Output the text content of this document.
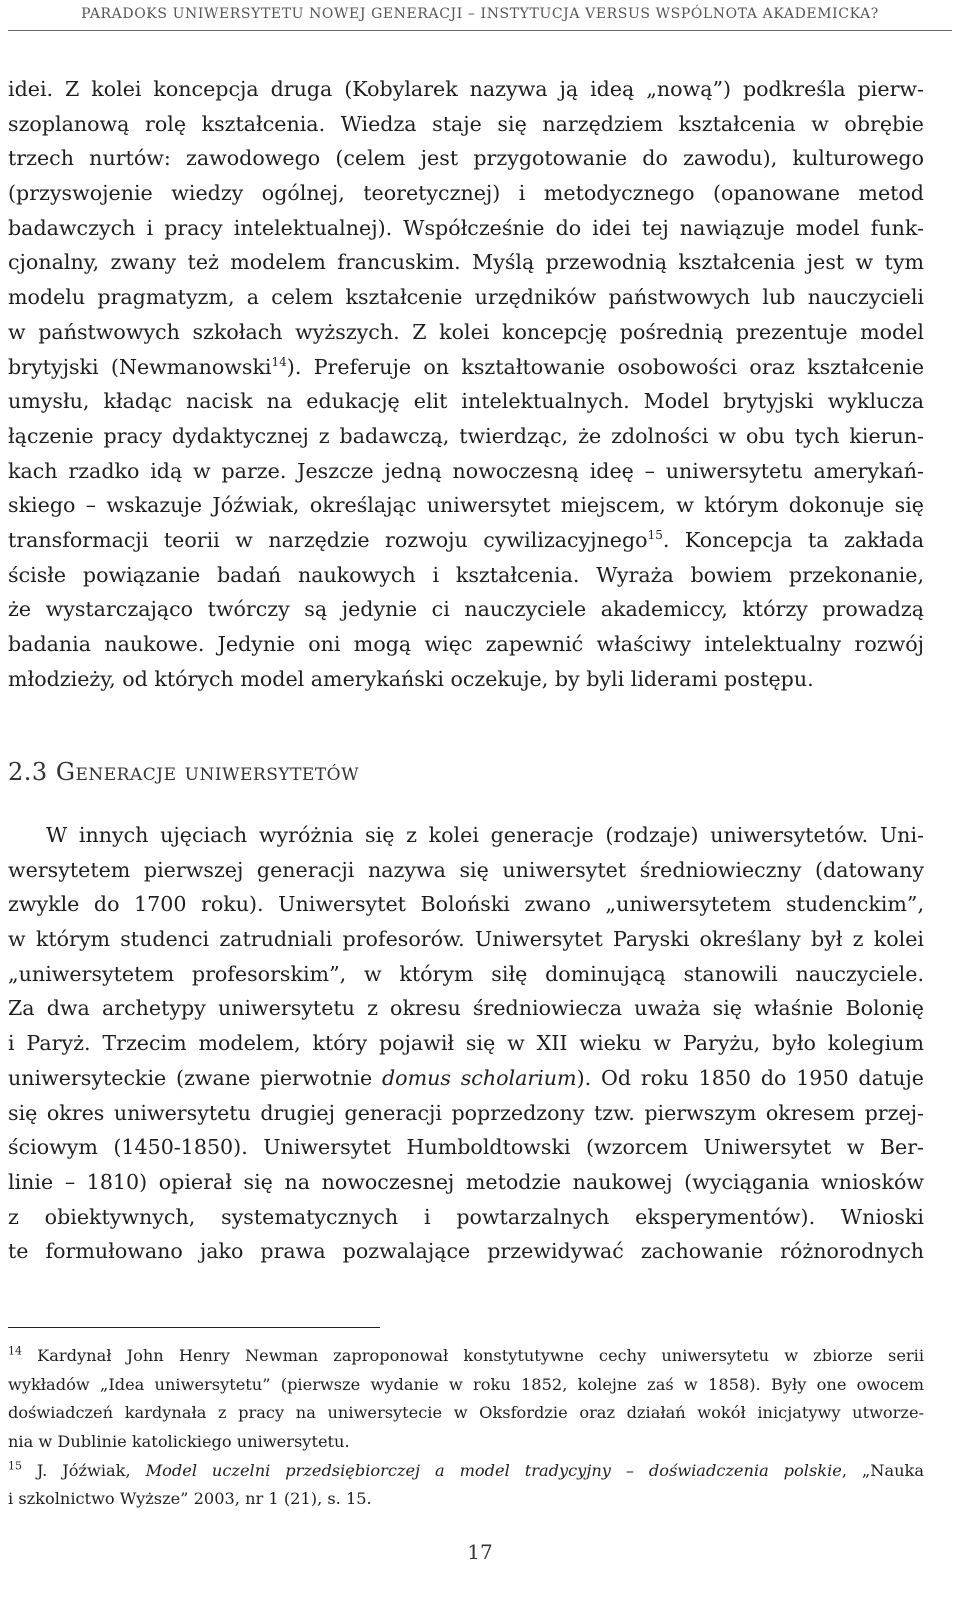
PARADOKS UNIWERSYTETU NOWEJ GENERACJI – INSTYTUCJA VERSUS WSPÓLNOTA AKADEMICKA?
idei. Z kolei koncepcja druga (Kobylarek nazywa ją ideą „nową”) podkreśla pierw-
szoplanową rolę kształcenia. Wiedza staje się narzędziem kształcenia w obrębie
trzech nurtów: zawodowego (celem jest przygotowanie do zawodu), kulturowego
(przyswojenie wiedzy ogólnej, teoretycznej) i metodycznego (opanowane metod
badawczych i pracy intelektualnej). Współcześnie do idei tej nawiązuje model funk-
cjonalny, zwany też modelem francuskim. Myślą przewodnią kształcenia jest w tym
modelu pragmatyzm, a celem kształcenie urzędników państwowych lub nauczycieli
w państwowych szkołach wyższych. Z kolei koncepcję pośrednią prezentuje model
brytyjski (Newmanowski$^{14}$). Preferuje on kształtowanie osobowości oraz kształcenie
umysłu, kładąc nacisk na edukację elit intelektualnych. Model brytyjski wyklucza
łączenie pracy dydaktycznej z badawczą, twierdząc, że zdolności w obu tych kierun-
kach rzadko idą w parze. Jeszcze jedną nowoczesną ideę – uniwersytetu amerykań-
skiego – wskazuje Jóźwiak, określając uniwersytet miejscem, w którym dokonuje się
transformacji teorii w narzędzie rozwoju cywilizacyjnego$^{15}$. Koncepcja ta zakłada
ścisłe powiązanie badań naukowych i kształcenia. Wyraża bowiem przekonanie,
że wystarczająco twórczy są jedynie ci nauczyciele akademiccy, którzy prowadzą
badania naukowe. Jedynie oni mogą więc zapewnić właściwy intelektualny rozwój
młodzieży, od których model amerykański oczekuje, by byli liderami postępu.
2.3 Generacje uniwersytetów
W innych ujęciach wyróżnia się z kolei generacje (rodzaje) uniwersytetów. Uni-
wersytetem pierwszej generacji nazywa się uniwersytet średniowieczny (datowany
zwykle do 1700 roku). Uniwersytet Boloński zwano „uniwersytetem studenckim”,
w którym studenci zatrudniali profesorów. Uniwersytet Paryski określany był z kolei
„uniwersytetem profesorskim”, w którym siłę dominującą stanowili nauczyciele.
Za dwa archetypy uniwersytetu z okresu średniowiecza uważa się właśnie Bolonię
i Paryż. Trzecim modelem, który pojawił się w XII wieku w Paryżu, było kolegium
uniwersyteckie (zwane pierwotnie domus scholarium). Od roku 1850 do 1950 datuje
się okres uniwersytetu drugiej generacji poprzedzony tzw. pierwszym okresem przej-
ściowym (1450-1850). Uniwersytet Humboldtowski (wzorcem Uniwersytet w Ber-
linie – 1810) opierał się na nowoczesnej metodzie naukowej (wyciągania wniosków
z obiektywnych, systematycznych i powtarzalnych eksperymentów). Wnioski
te formułowano jako prawa pozwalające przewidywać zachowanie różnorodnych
$^{14}$ Kardynał John Henry Newman zaproponował konstytutywne cechy uniwersytetu w zbiorze serii
wykładów „Idea uniwersytetu” (pierwsze wydanie w roku 1852, kolejne zaś w 1858). Były one owocem
doświadczeń kardynała z pracy na uniwersytecie w Oksfordzie oraz działań wokół inicjatywy utworze-
nia w Dublinie katolickiego uniwersytetu.
$^{15}$ J. Jóźwiak, Model uczelni przedsiębiorczej a model tradycyjny – doświadczenia polskie, „Nauka
i szkolnictwo Wyższe” 2003, nr 1 (21), s. 15.
17
